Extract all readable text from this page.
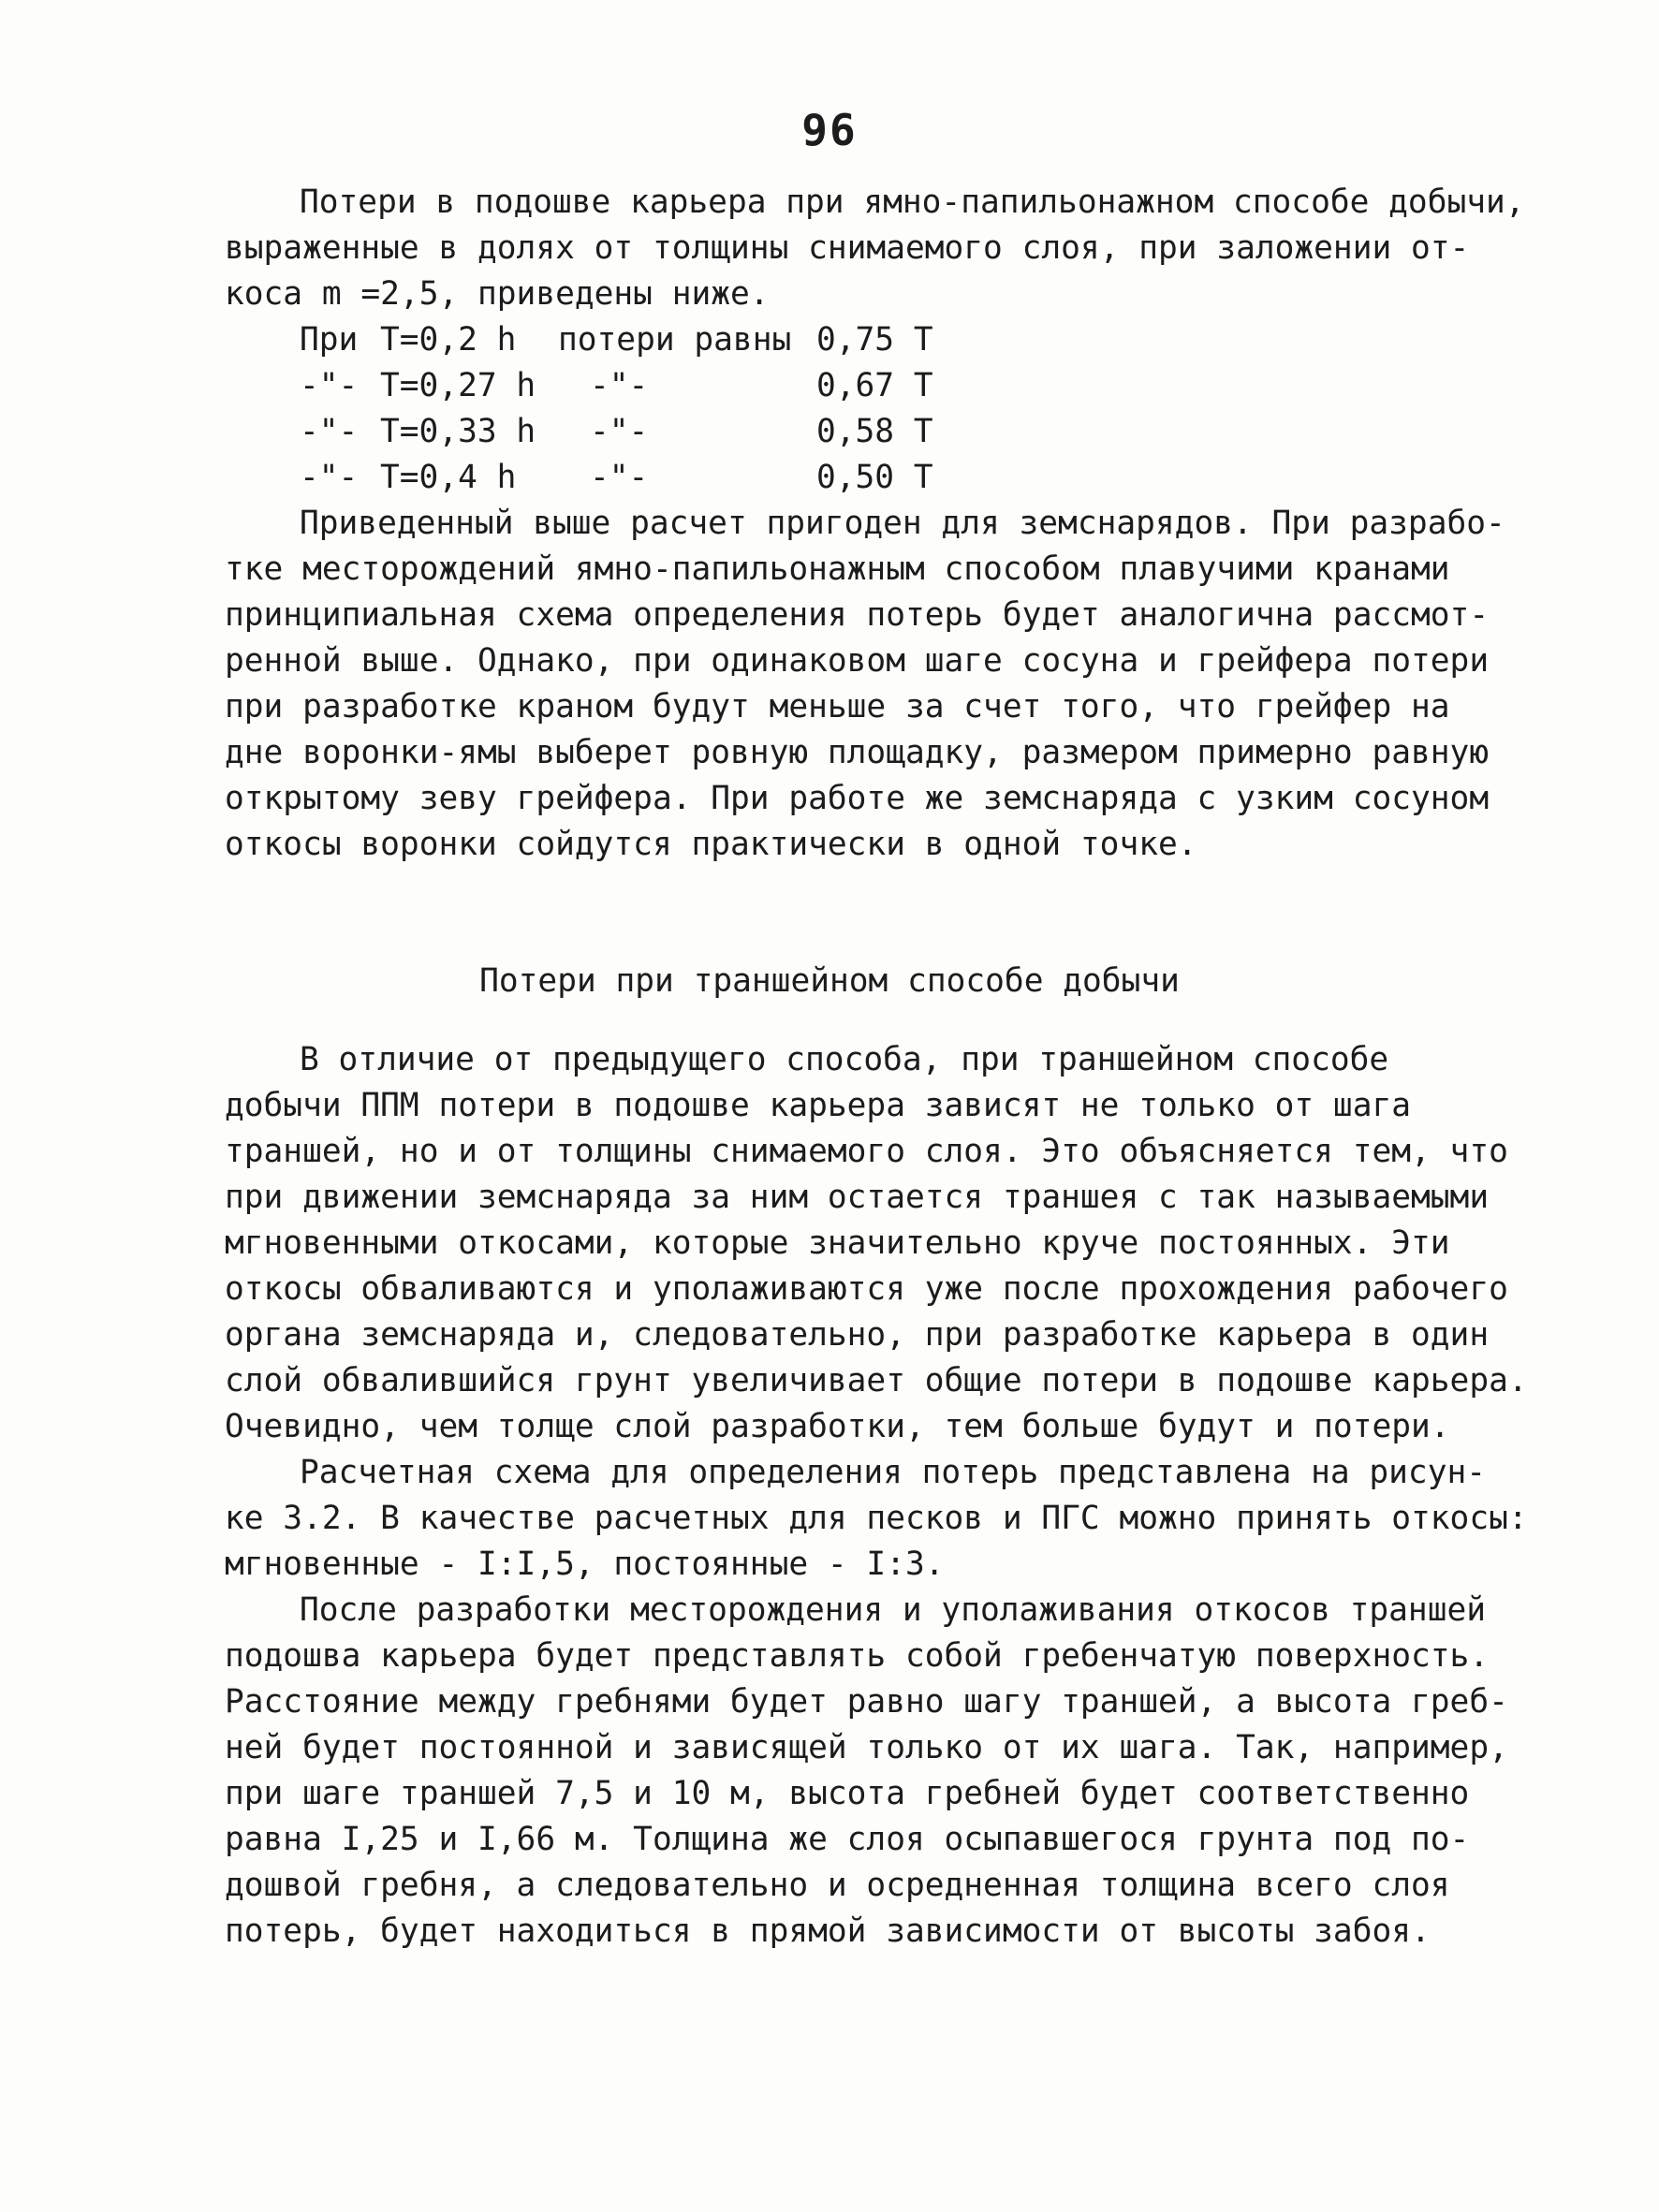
96
Потери в подошве карьера при ямно-папильонажном способе добычи,
выраженные в долях от толщины снимаемого слоя, при заложении от-
коса m =2,5, приведены ниже.
При Т=0,2 h потери равны 0,75 Т
-"- Т=0,27 h -"-	0,67 Т
-"- Т=0,33 h -"-	0,58 Т
-"- Т=0,4 h -"-	0,50 Т
Приведенный выше расчет пригоден для земснарядов. При разрабо-
тке месторождений ямно-папильонажным способом плавучими кранами
принципиальная схема определения потерь будет аналогична рассмот-
ренной выше. Однако, при одинаковом шаге сосуна и грейфера потери
при разработке краном будут меньше за счет того, что грейфер на
дне воронки-ямы выберет ровную площадку, размером примерно равную
открытому зеву грейфера. При работе же земснаряда с узким сосуном
откосы воронки сойдутся практически в одной точке.
Потери при траншейном способе добычи
В отличие от предыдущего способа, при траншейном способе
добычи ППМ потери в подошве карьера зависят не только от шага
траншей, но и от толщины снимаемого слоя. Это объясняется тем, что
при движении земснаряда за ним остается траншея с так называемыми
мгновенными откосами, которые значительно круче постоянных. Эти
откосы обваливаются и уполаживаются уже после прохождения рабочего
органа земснаряда и, следовательно, при разработке карьера в один
слой обвалившийся грунт увеличивает общие потери в подошве карьера.
Очевидно, чем толще слой разработки, тем больше будут и потери.
Расчетная схема для определения потерь представлена на рисун-
ке 3.2. В качестве расчетных для песков и ПГС можно принять откосы:
мгновенные - I:I,5, постоянные - I:3.
После разработки месторождения и уполаживания откосов траншей
подошва карьера будет представлять собой гребенчатую поверхность.
Расстояние между гребнями будет равно шагу траншей, а высота греб-
ней будет постоянной и зависящей только от их шага. Так, например,
при шаге траншей 7,5 и 10 м, высота гребней будет соответственно
равна I,25 и I,66 м. Толщина же слоя осыпавшегося грунта под по-
дошвой гребня, а следовательно и осредненная толщина всего слоя
потерь, будет находиться в прямой зависимости от высоты забоя.
